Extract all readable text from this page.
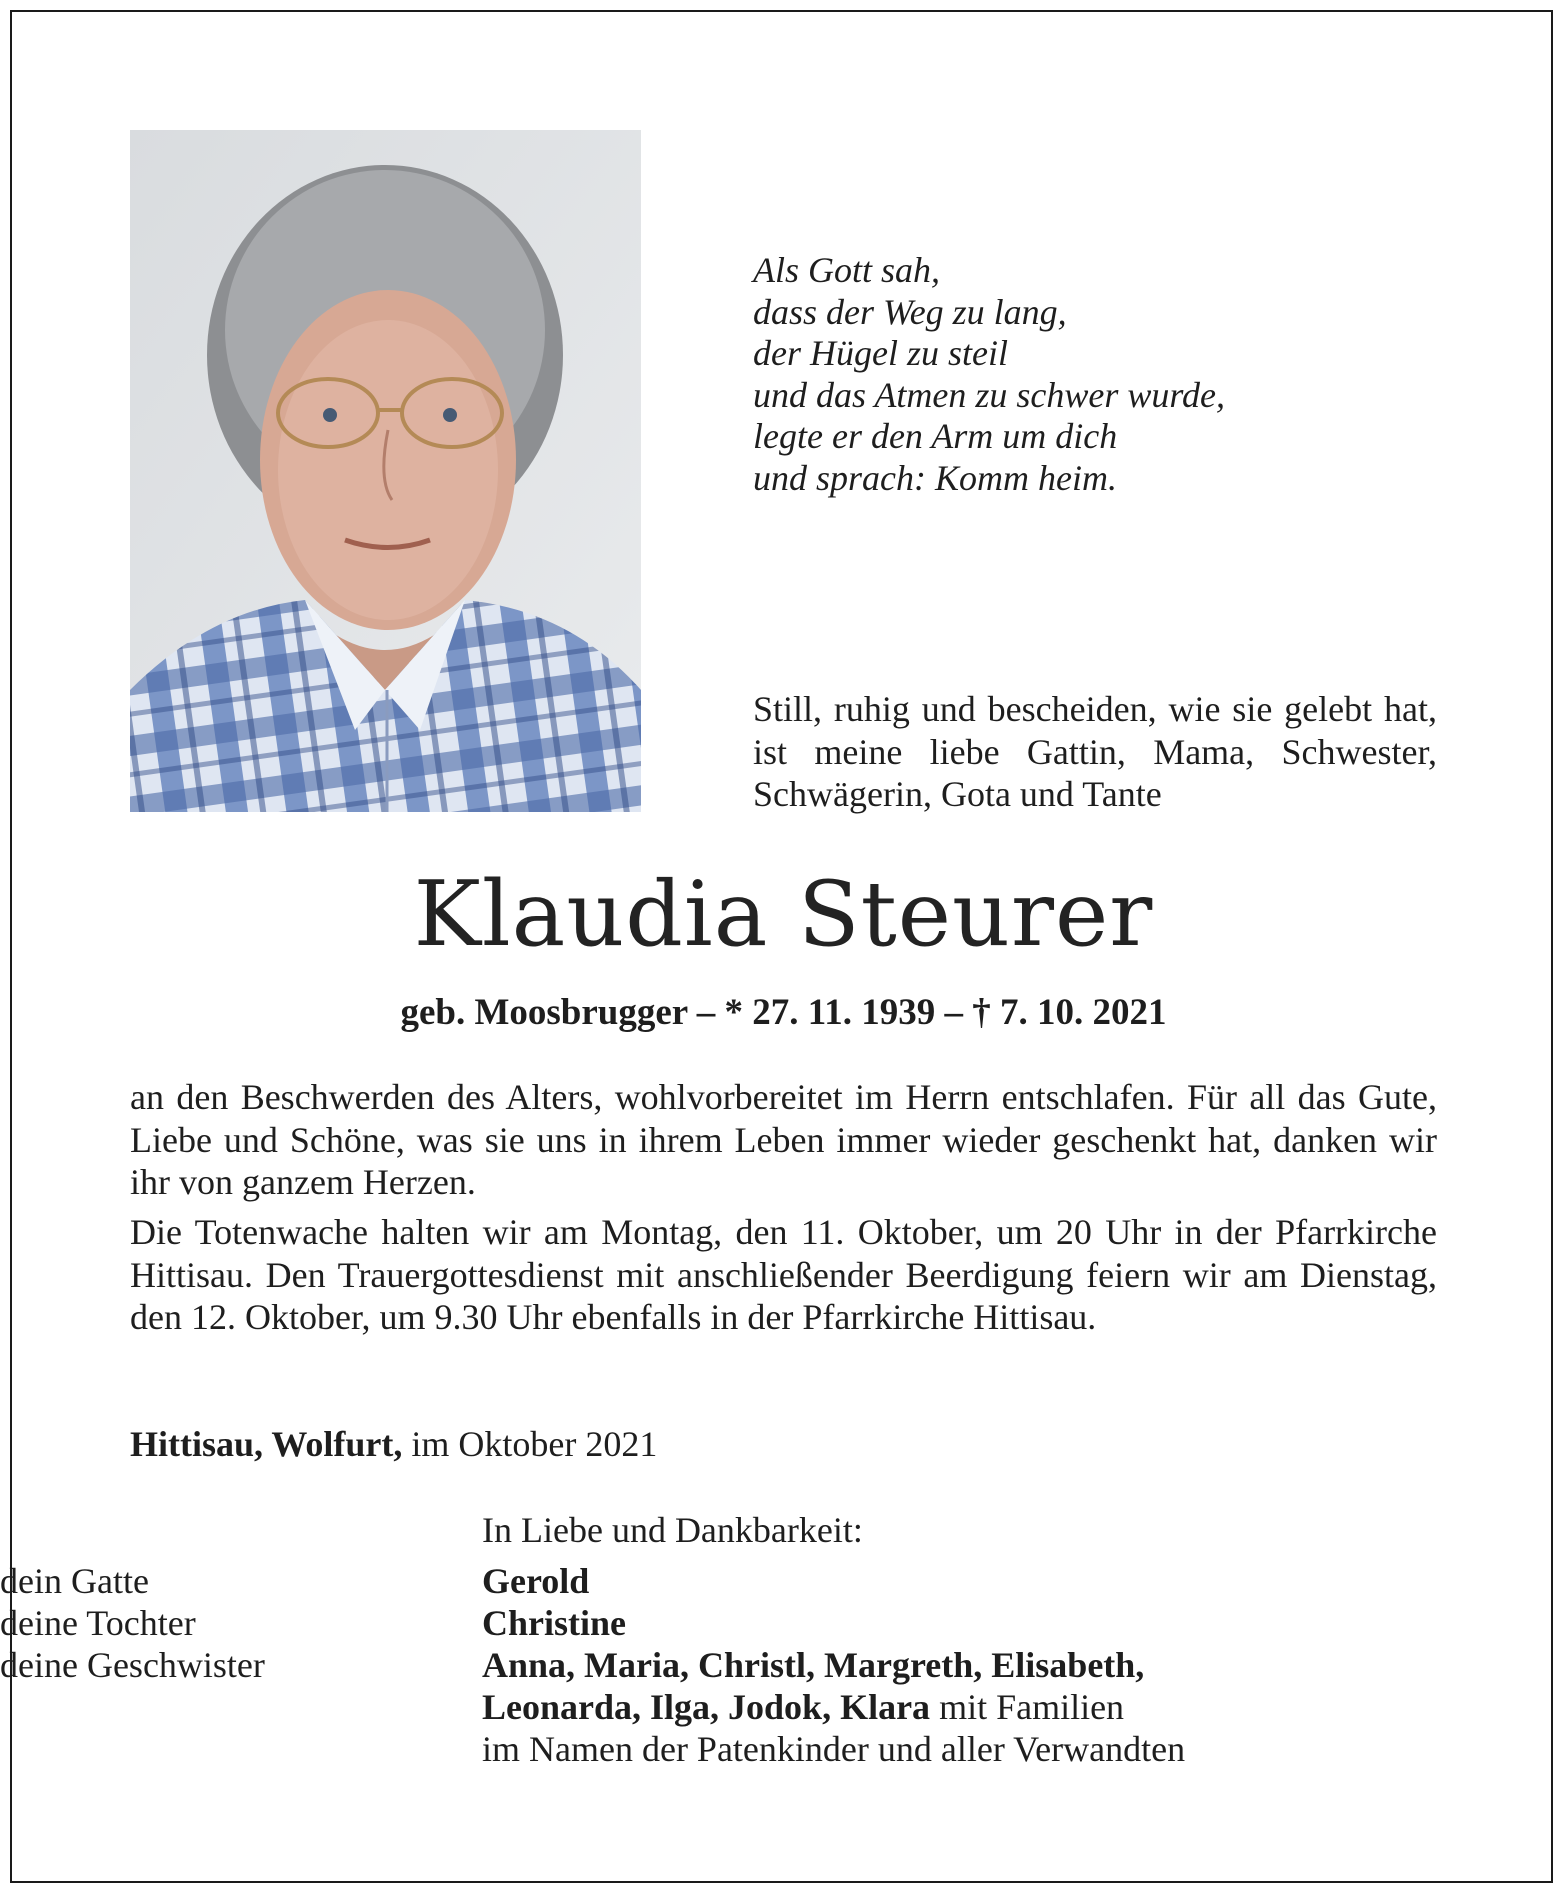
Als Gott sah,
dass der Weg zu lang,
der Hügel zu steil
und das Atmen zu schwer wurde,
legte er den Arm um dich
und sprach: Komm heim.
Still, ruhig und bescheiden, wie sie gelebt hat, ist meine liebe Gattin, Mama, Schwester, Schwägerin, Gota und Tante
Klaudia Steurer
geb. Moosbrugger – * 27. 11. 1939 – † 7. 10. 2021
an den Beschwerden des Alters, wohlvorbereitet im Herrn entschlafen. Für all das Gute, Liebe und Schöne, was sie uns in ihrem Leben immer wieder geschenkt hat, danken wir ihr von ganzem Herzen.
Die Totenwache halten wir am Montag, den 11. Oktober, um 20 Uhr in der Pfarrkirche Hittisau. Den Trauergottesdienst mit anschließender Beerdigung feiern wir am Dienstag, den 12. Oktober, um 9.30 Uhr ebenfalls in der Pfarrkirche Hittisau.
Hittisau, Wolfurt, im Oktober 2021
In Liebe und Dankbarkeit:
dein Gatte	Gerold
deine Tochter	Christine
deine Geschwister	Anna, Maria, Christl, Margreth, Elisabeth,
Leonarda, Ilga, Jodok, Klara mit Familien
im Namen der Patenkinder und aller Verwandten
